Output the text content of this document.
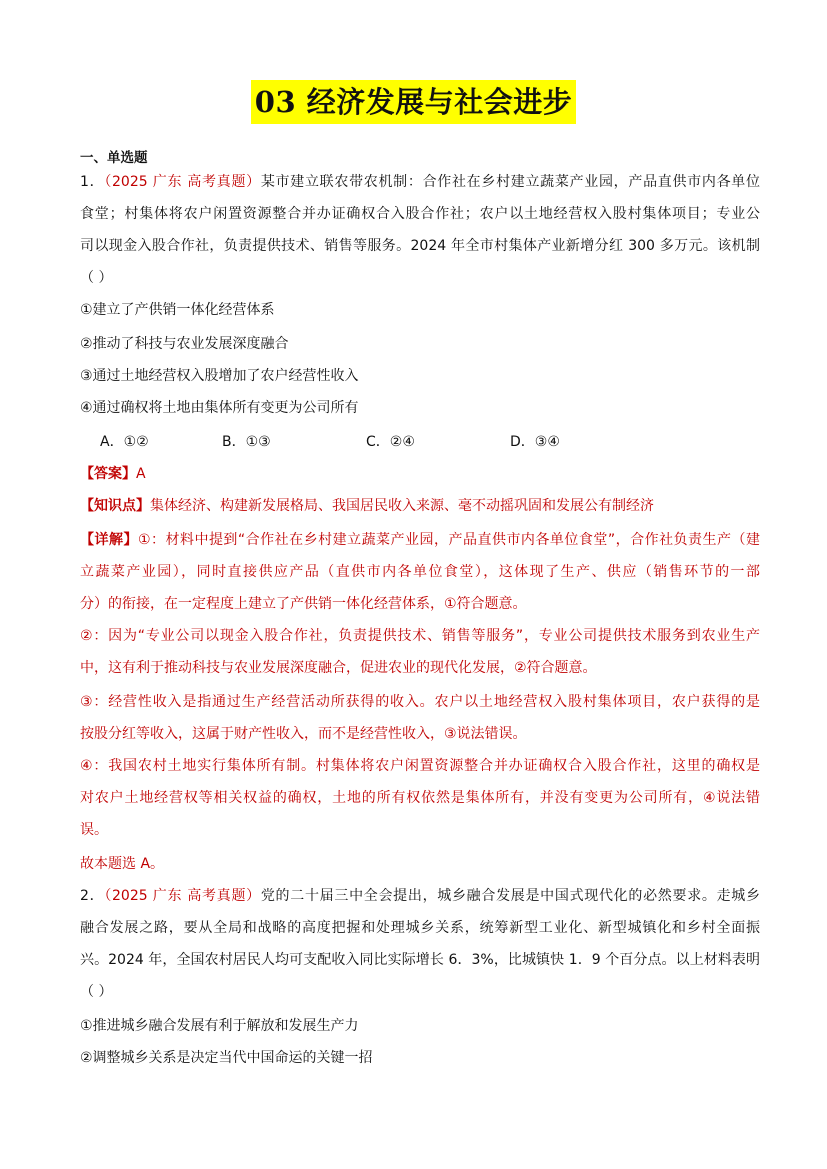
03 经济发展与社会进步
一、单选题
1．（2025 广东 高考真题）某市建立联农带农机制：合作社在乡村建立蔬菜产业园，产品直供市内各单位
食堂；村集体将农户闲置资源整合并办证确权合入股合作社；农户以土地经营权入股村集体项目；专业公
司以现金入股合作社，负责提供技术、销售等服务。2024 年全市村集体产业新增分红 300 多万元。该机制
（ ）
①建立了产供销一体化经营体系
②推动了科技与农业发展深度融合
③通过土地经营权入股增加了农户经营性收入
④通过确权将土地由集体所有变更为公司所有
A．①②	B．①③	C．②④	D．③④
【答案】A
【知识点】集体经济、构建新发展格局、我国居民收入来源、毫不动摇巩固和发展公有制经济
【详解】①：材料中提到“合作社在乡村建立蔬菜产业园，产品直供市内各单位食堂”，合作社负责生产（建
立蔬菜产业园），同时直接供应产品（直供市内各单位食堂），这体现了生产、供应（销售环节的一部
分）的衔接，在一定程度上建立了产供销一体化经营体系，①符合题意。
②：因为“专业公司以现金入股合作社，负责提供技术、销售等服务”，专业公司提供技术服务到农业生产
中，这有利于推动科技与农业发展深度融合，促进农业的现代化发展，②符合题意。
③：经营性收入是指通过生产经营活动所获得的收入。农户以土地经营权入股村集体项目，农户获得的是
按股分红等收入，这属于财产性收入，而不是经营性收入，③说法错误。
④：我国农村土地实行集体所有制。村集体将农户闲置资源整合并办证确权合入股合作社，这里的确权是
对农户土地经营权等相关权益的确权，土地的所有权依然是集体所有，并没有变更为公司所有，④说法错
误。
故本题选 A。
2．（2025 广东 高考真题）党的二十届三中全会提出，城乡融合发展是中国式现代化的必然要求。走城乡
融合发展之路，要从全局和战略的高度把握和处理城乡关系，统筹新型工业化、新型城镇化和乡村全面振
兴。2024 年，全国农村居民人均可支配收入同比实际增长 6．3%，比城镇快 1．9 个百分点。以上材料表明
（ ）
①推进城乡融合发展有利于解放和发展生产力
②调整城乡关系是决定当代中国命运的关键一招
